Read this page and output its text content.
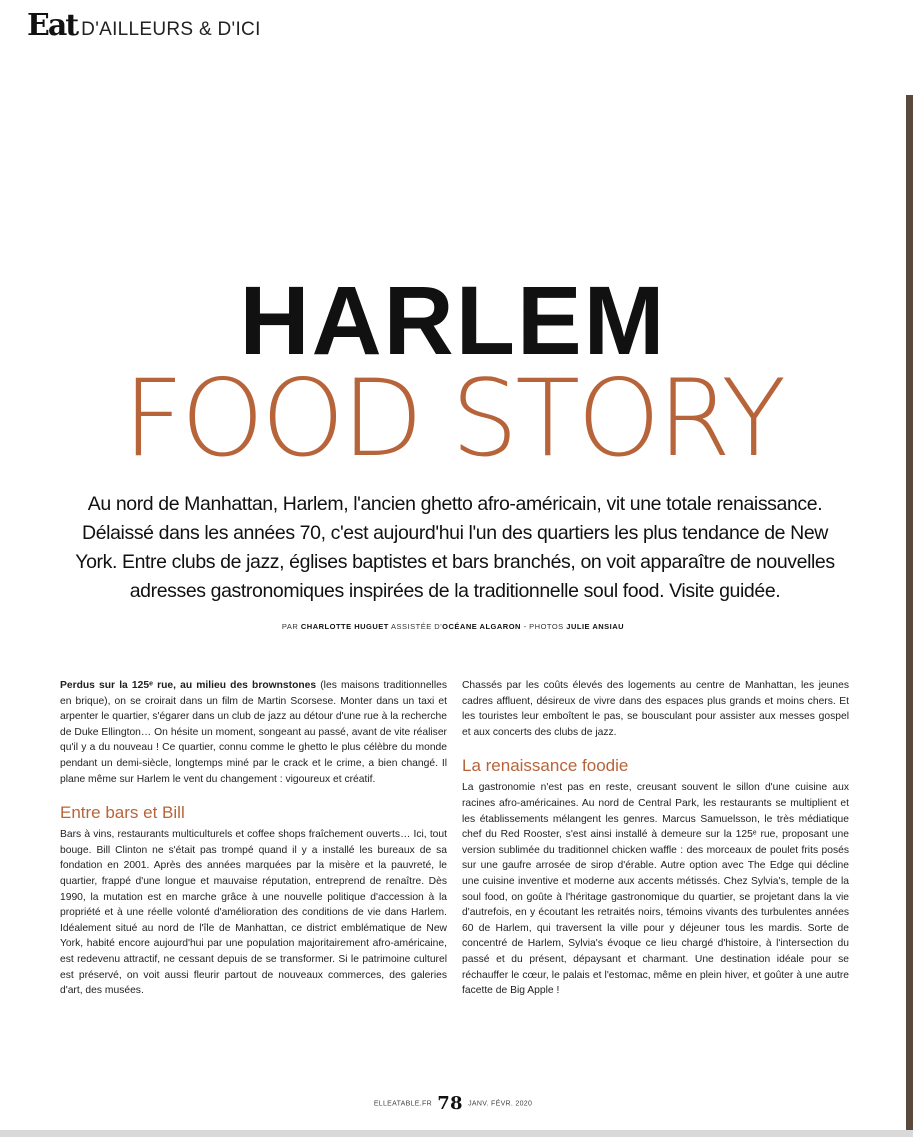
Eat D'AILLEURS & D'ICI
HARLEM
FOOD STORY
Au nord de Manhattan, Harlem, l'ancien ghetto afro-américain, vit une totale renaissance. Délaissé dans les années 70, c'est aujourd'hui l'un des quartiers les plus tendance de New York. Entre clubs de jazz, églises baptistes et bars branchés, on voit apparaître de nouvelles adresses gastronomiques inspirées de la traditionnelle soul food. Visite guidée.
PAR CHARLOTTE HUGUET ASSISTÉE D'OCÉANE ALGARON - PHOTOS JULIE ANSIAU

Perdus sur la 125ᵉ rue, au milieu des brownstones (les maisons traditionnelles en brique), on se croirait dans un film de Martin Scorsese. Monter dans un taxi et arpenter le quartier, s'égarer dans un club de jazz au détour d'une rue à la recherche de Duke Ellington… On hésite un moment, songeant au passé, avant de vite réaliser qu'il y a du nouveau ! Ce quartier, connu comme le ghetto le plus célèbre du monde pendant un demi-siècle, longtemps miné par le crack et le crime, a bien changé. Il plane même sur Harlem le vent du changement : vigoureux et créatif.

Entre bars et Bill

Bars à vins, restaurants multiculturels et coffee shops fraîchement ouverts… Ici, tout bouge. Bill Clinton ne s'était pas trompé quand il y a installé les bureaux de sa fondation en 2001. Après des années marquées par la misère et la pauvreté, le quartier, frappé d'une longue et mauvaise réputation, entreprend de renaître. Dès 1990, la mutation est en marche grâce à une nouvelle politique d'accession à la propriété et à une réelle volonté d'amélioration des conditions de vie dans Harlem. Idéalement situé au nord de l'île de Manhattan, ce district emblématique de New York, habité encore aujourd'hui par une population majoritairement afro-américaine, est redevenu attractif, ne cessant depuis de se transformer. Si le patrimoine culturel est préservé, on voit aussi fleurir partout de nouveaux commerces, des galeries d'art, des musées.

Chassés par les coûts élevés des logements au centre de Manhattan, les jeunes cadres affluent, désireux de vivre dans des espaces plus grands et moins chers. Et les touristes leur emboîtent le pas, se bousculant pour assister aux messes gospel et aux concerts des clubs de jazz.

La renaissance foodie

La gastronomie n'est pas en reste, creusant souvent le sillon d'une cuisine aux racines afro-américaines. Au nord de Central Park, les restaurants se multiplient et les établissements mélangent les genres. Marcus Samuelsson, le très médiatique chef du Red Rooster, s'est ainsi installé à demeure sur la 125ᵉ rue, proposant une version sublimée du traditionnel chicken waffle : des morceaux de poulet frits posés sur une gaufre arrosée de sirop d'érable. Autre option avec The Edge qui décline une cuisine inventive et moderne aux accents métissés. Chez Sylvia's, temple de la soul food, on goûte à l'héritage gastronomique du quartier, se projetant dans la vie d'autrefois, en y écoutant les retraités noirs, témoins vivants des turbulentes années 60 de Harlem, qui traversent la ville pour y déjeuner tous les mardis. Sorte de concentré de Harlem, Sylvia's évoque ce lieu chargé d'histoire, à l'intersection du passé et du présent, dépaysant et charmant. Une destination idéale pour se réchauffer le cœur, le palais et l'estomac, même en plein hiver, et goûter à une autre facette de Big Apple !

ELLEATABLE.FR 78 JANV. FÉVR. 2020
